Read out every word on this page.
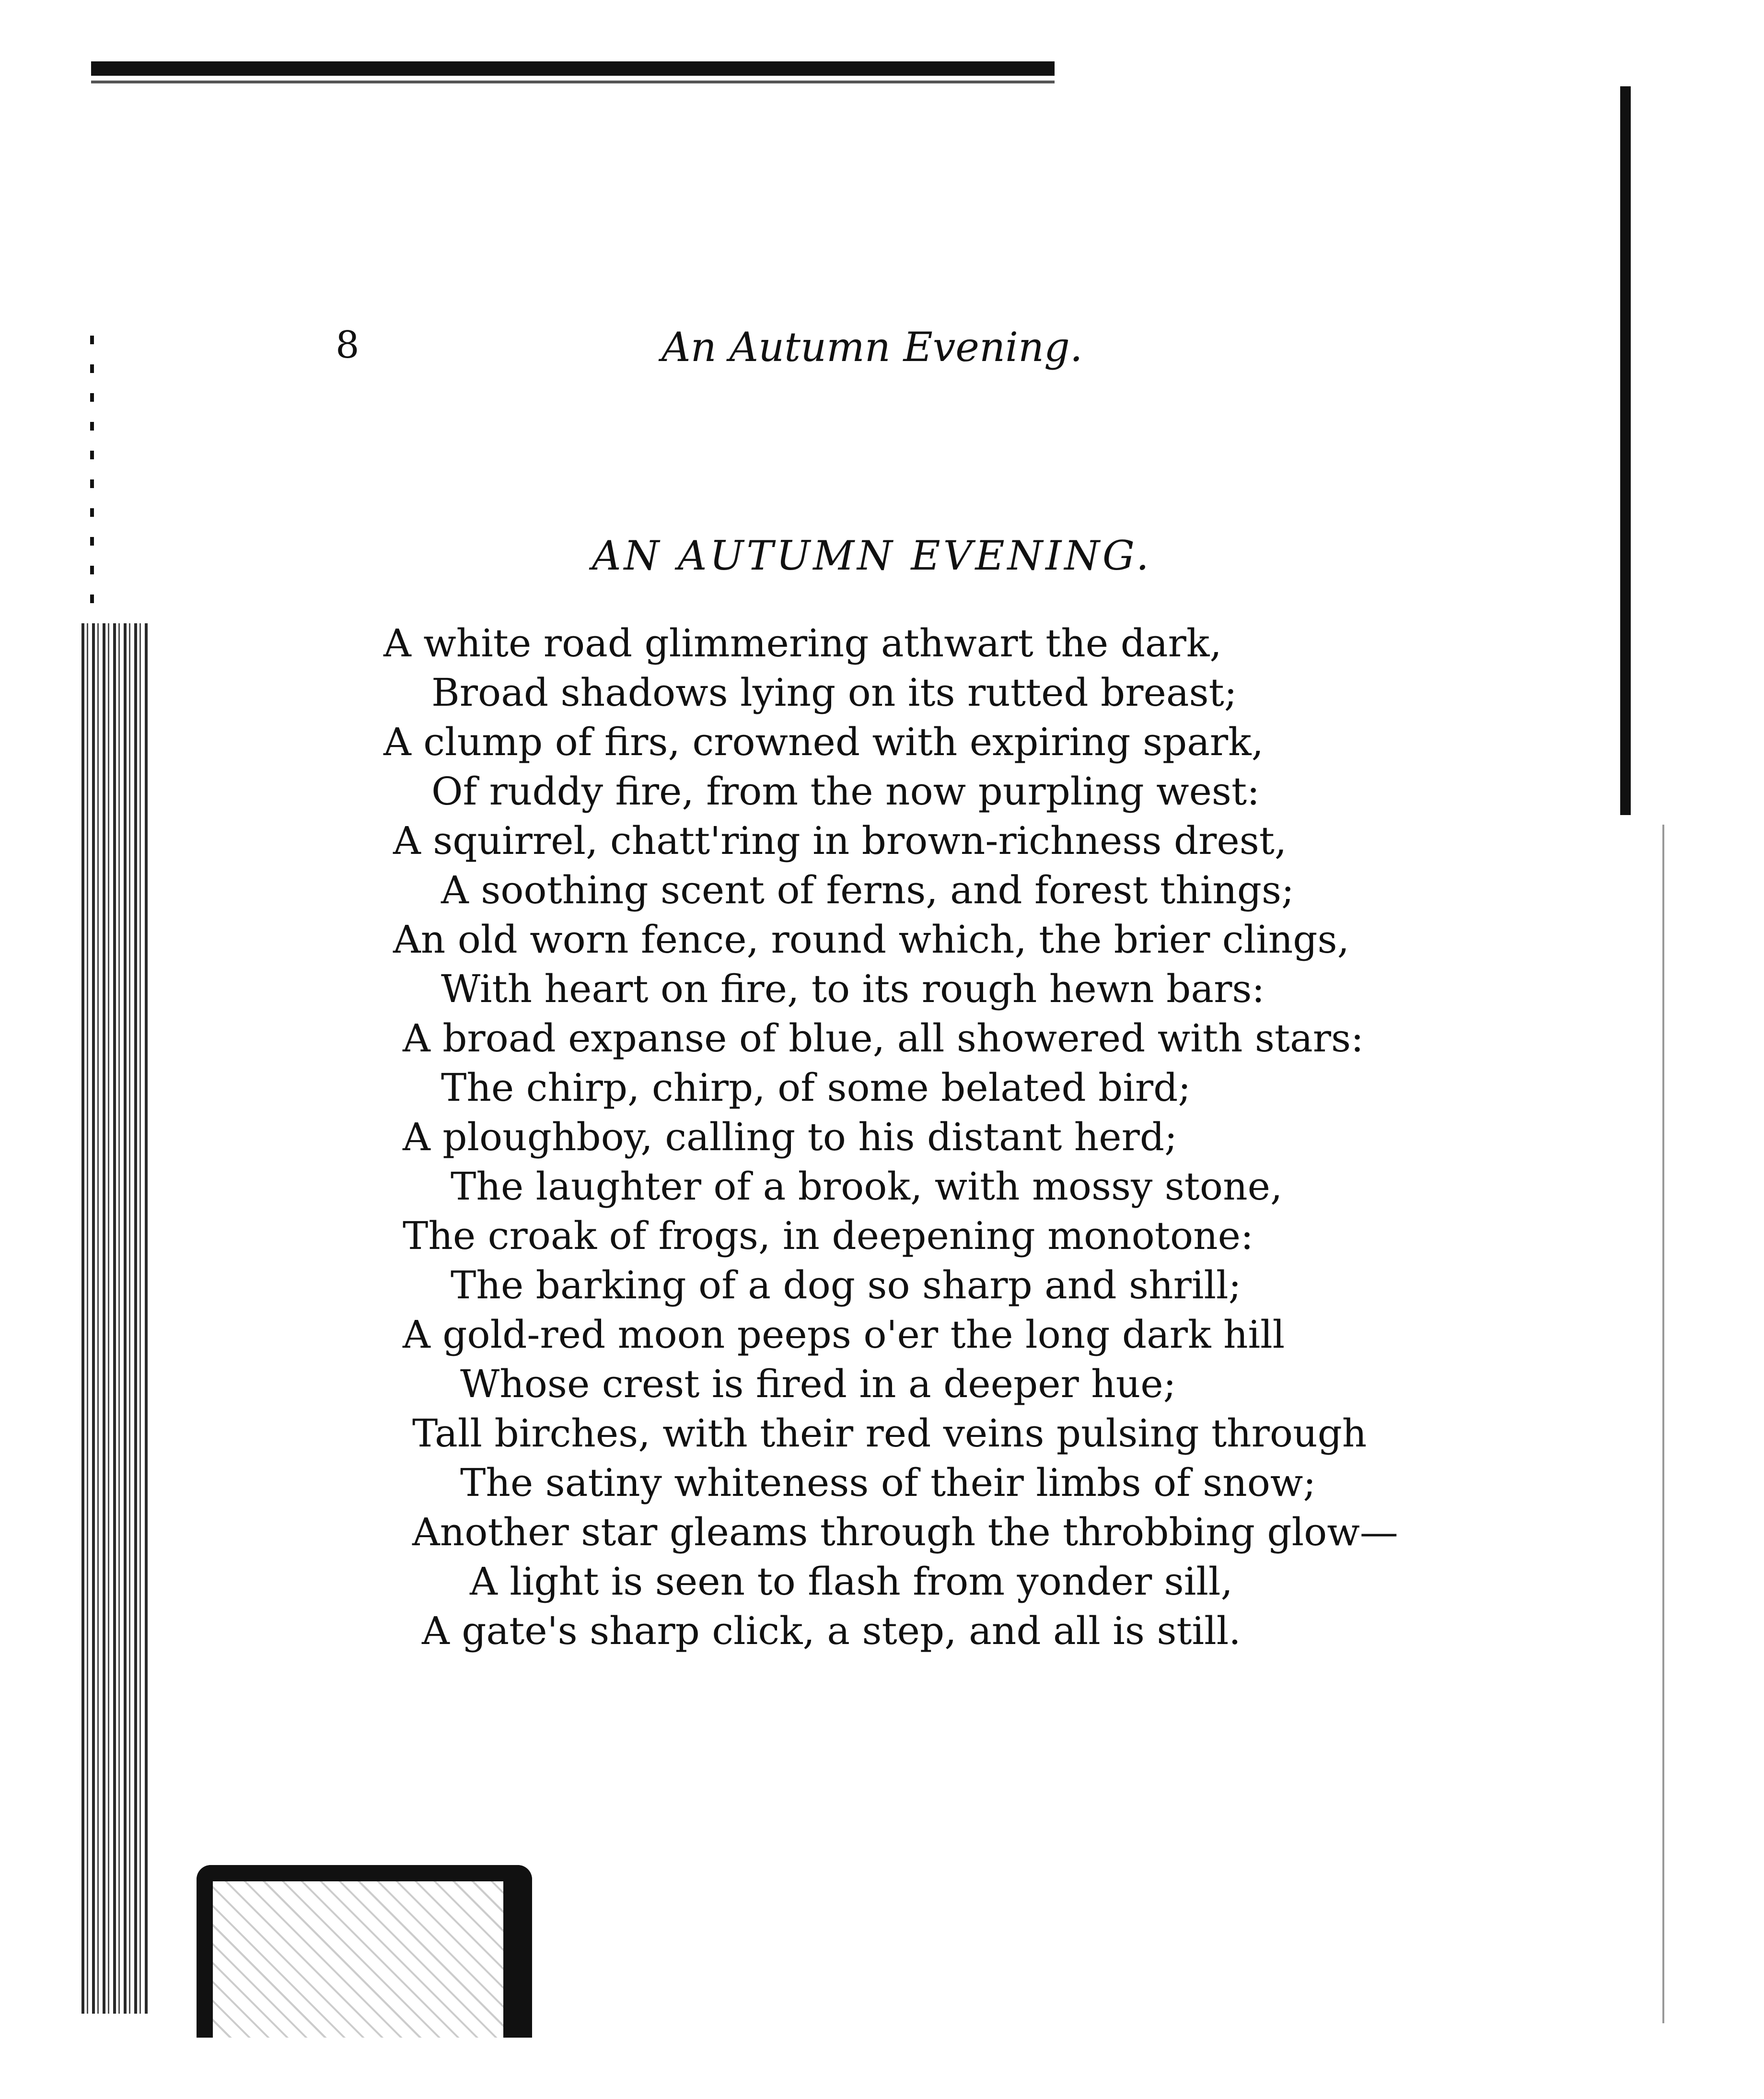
8	An Autumn Evening.
AN AUTUMN EVENING.
A white road glimmering athwart the dark,
Broad shadows lying on its rutted breast;
A clump of firs, crowned with expiring spark,
Of ruddy fire, from the now purpling west:
A squirrel, chatt'ring in brown-richness drest,
A soothing scent of ferns, and forest things;
An old worn fence, round which, the brier clings,
With heart on fire, to its rough hewn bars:
A broad expanse of blue, all showered with stars:
The chirp, chirp, of some belated bird;
A ploughboy, calling to his distant herd;
The laughter of a brook, with mossy stone,
The croak of frogs, in deepening monotone:
The barking of a dog so sharp and shrill;
A gold-red moon peeps o'er the long dark hill
Whose crest is fired in a deeper hue;
Tall birches, with their red veins pulsing through
The satiny whiteness of their limbs of snow;
Another star gleams through the throbbing glow—
A light is seen to flash from yonder sill,
A gate's sharp click, a step, and all is still.
